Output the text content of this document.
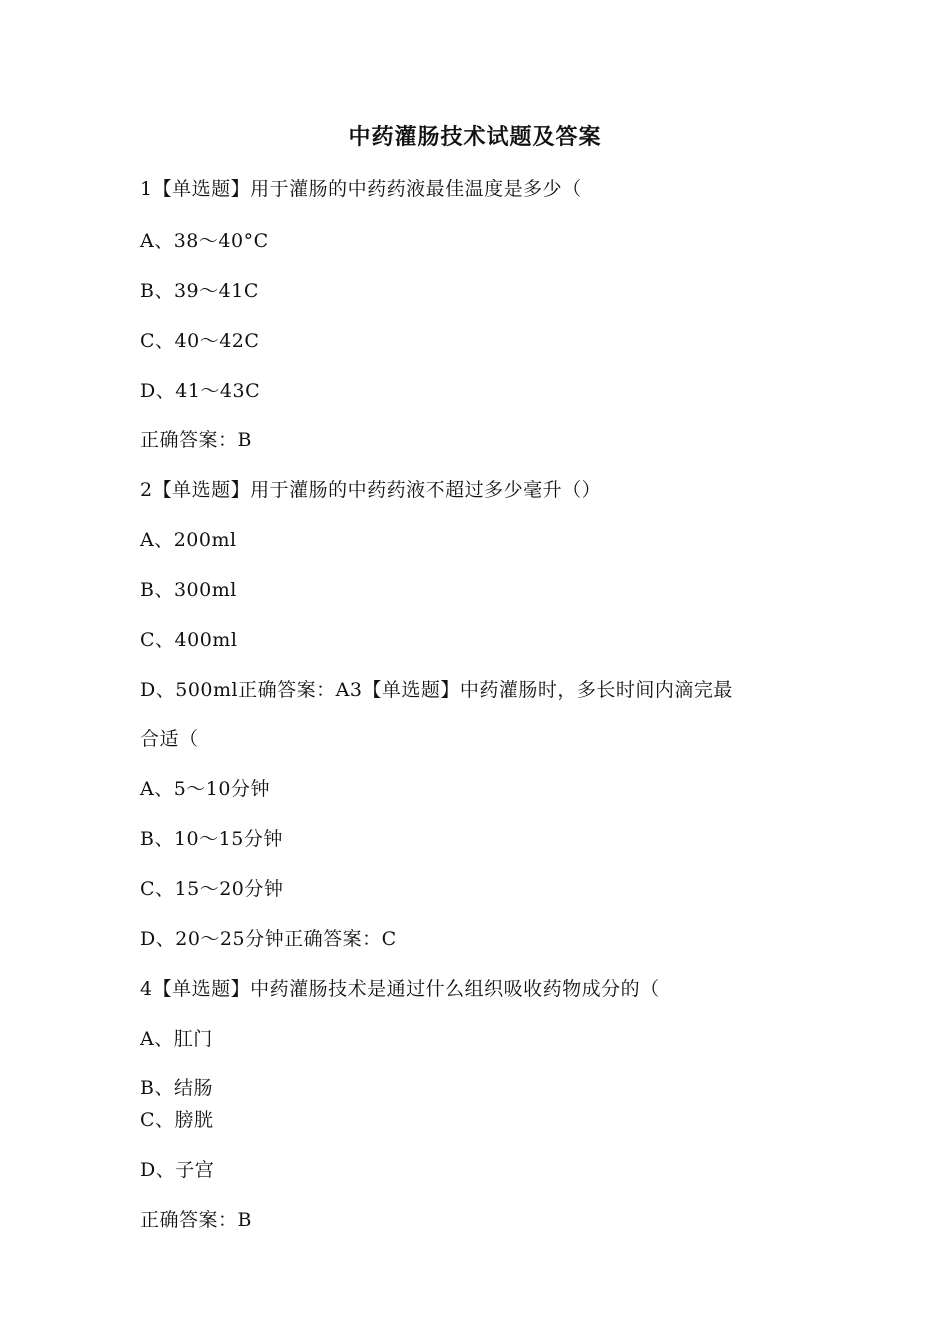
中药灌肠技术试题及答案
1【单选题】用于灌肠的中药药液最佳温度是多少（
A、38〜40°C
B、39〜41C
C、40〜42C
D、41〜43C
正确答案：B
2【单选题】用于灌肠的中药药液不超过多少毫升（）
A、200ml
B、300ml
C、400ml
D、500ml正确答案：A3【单选题】中药灌肠时，多长时间内滴完最
合适（
A、5〜10分钟
B、10〜15分钟
C、15〜20分钟
D、20〜25分钟正确答案：C
4【单选题】中药灌肠技术是通过什么组织吸收药物成分的（
A、肛门
B、结肠
C、膀胱
D、子宫
正确答案：B
